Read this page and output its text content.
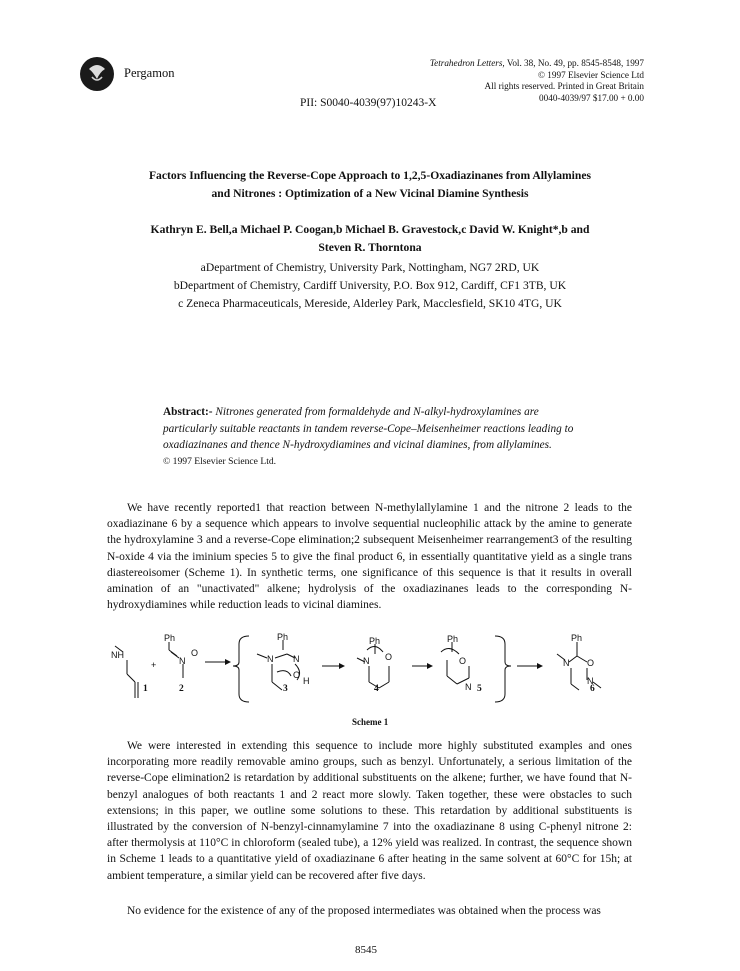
Pergamon
Tetrahedron Letters, Vol. 38, No. 49, pp. 8545-8548, 1997
© 1997 Elsevier Science Ltd
All rights reserved. Printed in Great Britain
0040-4039/97 $17.00 + 0.00
PII: S0040-4039(97)10243-X
Factors Influencing the Reverse-Cope Approach to 1,2,5-Oxadiazinanes from Allylamines
and Nitrones : Optimization of a New Vicinal Diamine Synthesis
Kathryn E. Bell,a Michael P. Coogan,b Michael B. Gravestock,c David W. Knight*,b and
Steven R. Thorntona
aDepartment of Chemistry, University Park, Nottingham, NG7 2RD, UK
bDepartment of Chemistry, Cardiff University, P.O. Box 912, Cardiff, CF1 3TB, UK
c Zeneca Pharmaceuticals, Mereside, Alderley Park, Macclesfield, SK10 4TG, UK
Abstract:- Nitrones generated from formaldehyde and N-alkyl-hydroxylamines are particularly suitable reactants in tandem reverse-Cope–Meisenheimer reactions leading to oxadiazinanes and thence N-hydroxydiamines and vicinal diamines, from allylamines.
© 1997 Elsevier Science Ltd.
We have recently reported1 that reaction between N-methylallylamine 1 and the nitrone 2 leads to the oxadiazinane 6 by a sequence which appears to involve sequential nucleophilic attack by the amine to generate the hydroxylamine 3 and a reverse-Cope elimination;2 subsequent Meisenheimer rearrangement3 of the resulting N-oxide 4 via the iminium species 5 to give the final product 6, in essentially quantitative yield as a single trans diastereoisomer (Scheme 1). In synthetic terms, one significance of this sequence is that it results in overall amination of an "unactivated" alkene; hydrolysis of the oxadiazinanes leads to the corresponding N-hydroxydiamines while reduction leads to vicinal diamines.
NH
+
Ph
N
O
Ph
N N
O
H
Ph
N O
Ph
O
N
Ph
N O
N
1	2	3	4	5	6
Scheme 1
We were interested in extending this sequence to include more highly substituted examples and ones incorporating more readily removable amino groups, such as benzyl. Unfortunately, a serious limitation of the reverse-Cope elimination2 is retardation by additional substituents on the alkene; further, we have found that N-benzyl analogues of both reactants 1 and 2 react more slowly. Taken together, these were obstacles to such extensions; in this paper, we outline some solutions to these. This retardation by additional substituents is illustrated by the conversion of N-benzyl-cinnamylamine 7 into the oxadiazinane 8 using C-phenyl nitrone 2: after thermolysis at 110°C in chloroform (sealed tube), a 12% yield was realized. In contrast, the sequence shown in Scheme 1 leads to a quantitative yield of oxadiazinane 6 after heating in the same solvent at 60°C for 15h; at ambient temperature, a similar yield can be recovered after five days.
No evidence for the existence of any of the proposed intermediates was obtained when the process was
8545
